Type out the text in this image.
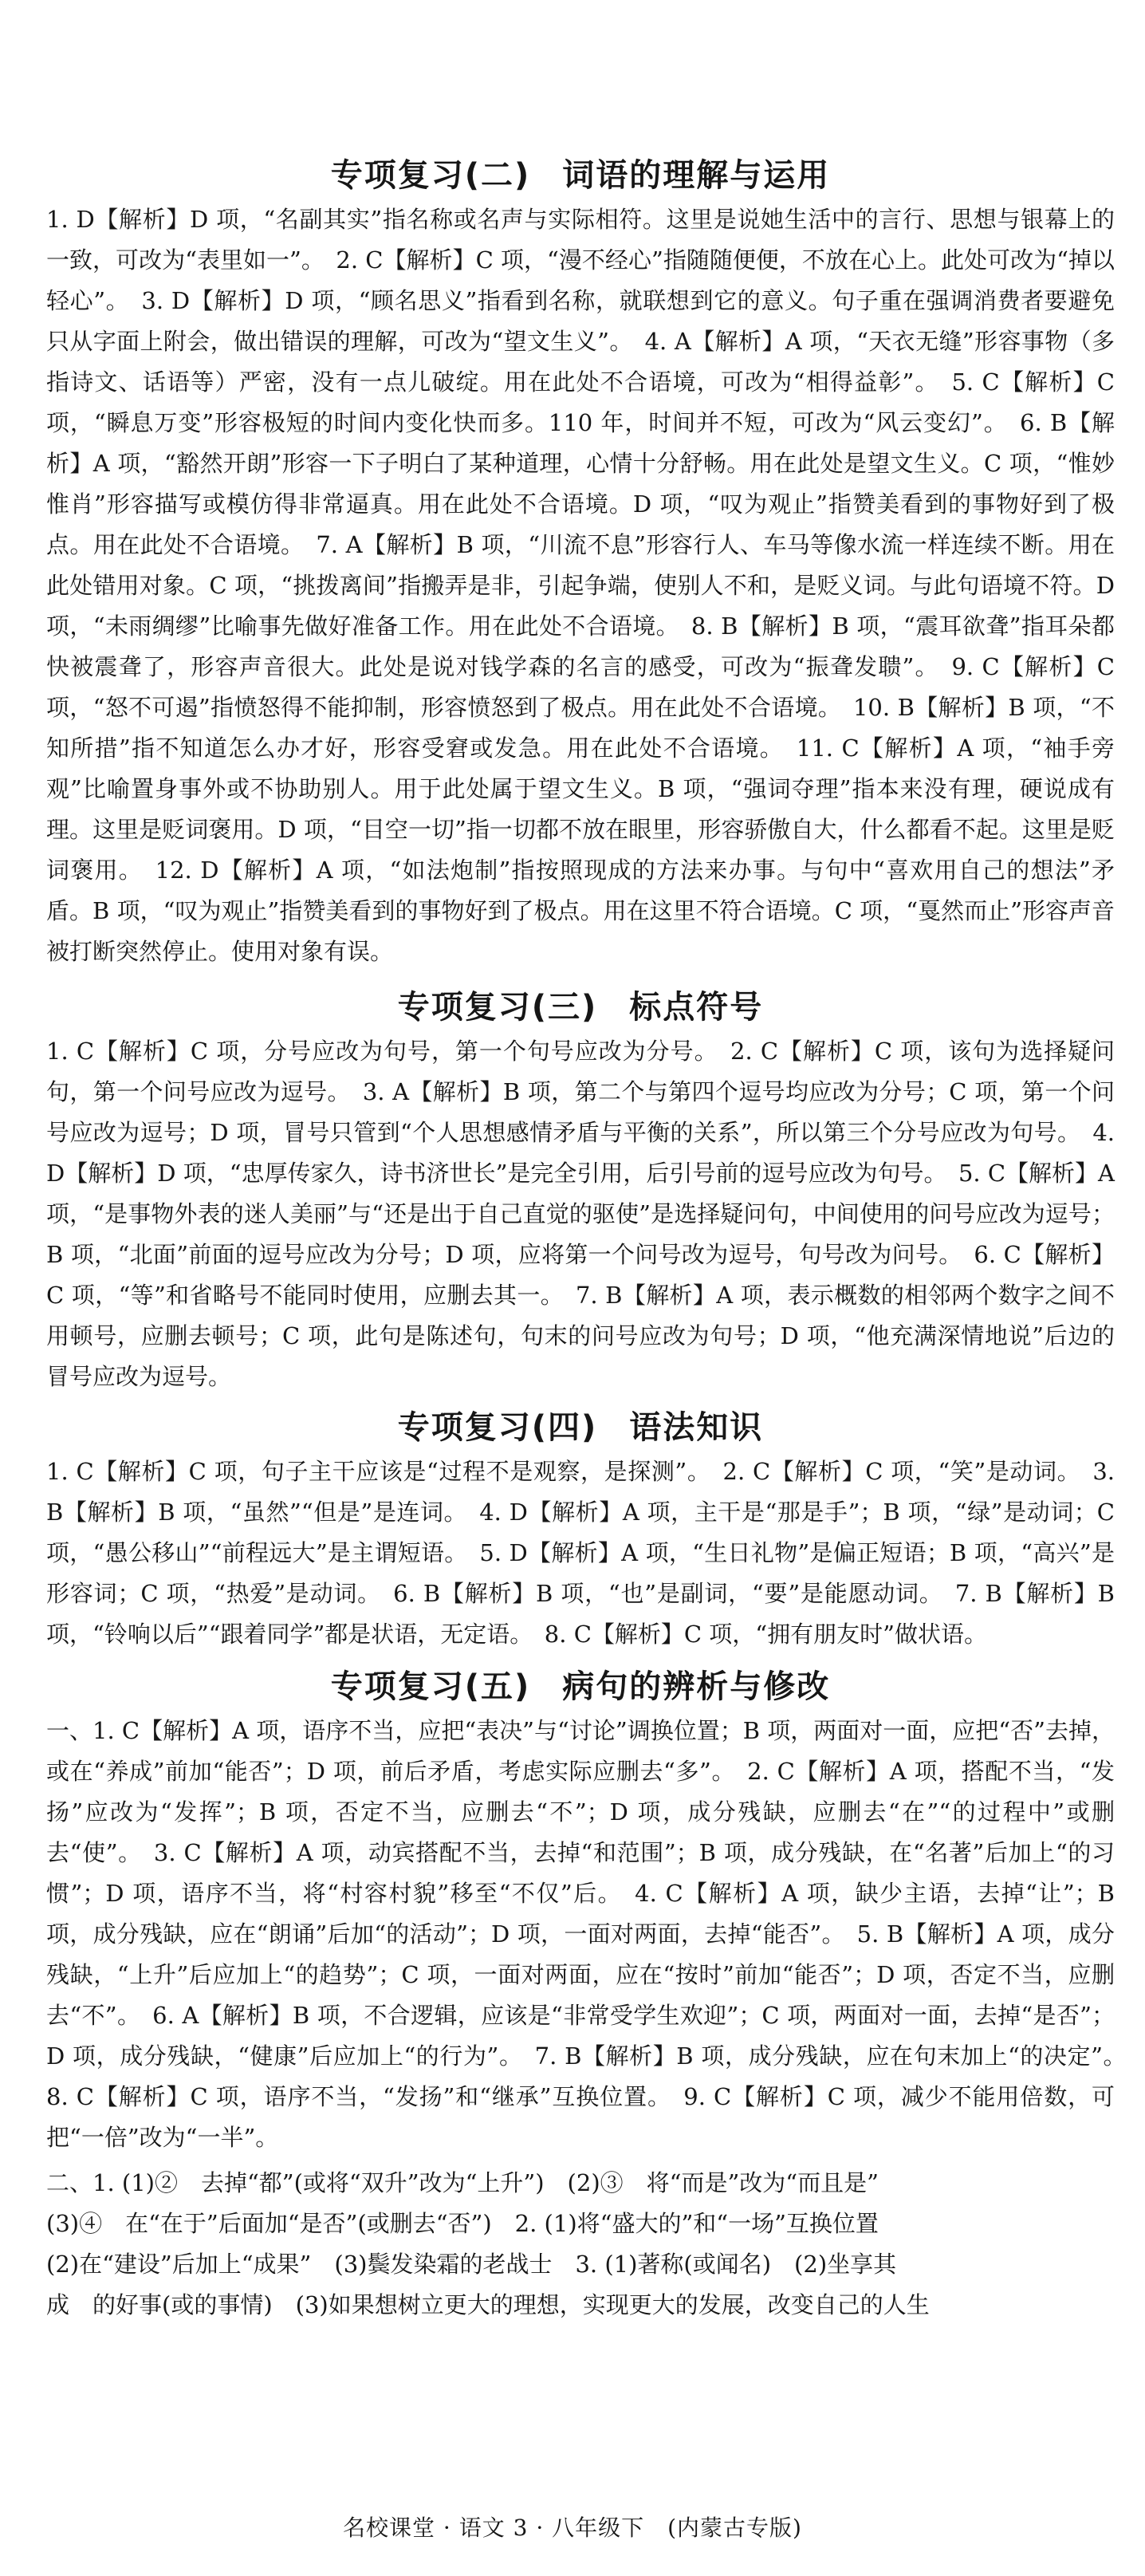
专项复习(二) 词语的理解与运用

1. D【解析】D 项，“名副其实”指名称或名声与实际相符。这里是说她生活中的言行、思想与银幕上的一致，可改为“表里如一”。　2. C【解析】C 项，“漫不经心”指随随便便，不放在心上。此处可改为“掉以轻心”。　3. D【解析】D 项，“顾名思义”指看到名称，就联想到它的意义。句子重在强调消费者要避免只从字面上附会，做出错误的理解，可改为“望文生义”。　4. A【解析】A 项，“天衣无缝”形容事物（多指诗文、话语等）严密，没有一点儿破绽。用在此处不合语境，可改为“相得益彰”。　5. C【解析】C 项，“瞬息万变”形容极短的时间内变化快而多。110 年，时间并不短，可改为“风云变幻”。　6. B【解析】A 项，“豁然开朗”形容一下子明白了某种道理，心情十分舒畅。用在此处是望文生义。C 项，“惟妙惟肖”形容描写或模仿得非常逼真。用在此处不合语境。D 项，“叹为观止”指赞美看到的事物好到了极点。用在此处不合语境。　7. A【解析】B 项，“川流不息”形容行人、车马等像水流一样连续不断。用在此处错用对象。C 项，“挑拨离间”指搬弄是非，引起争端，使别人不和，是贬义词。与此句语境不符。D 项，“未雨绸缪”比喻事先做好准备工作。用在此处不合语境。　8. B【解析】B 项，“震耳欲聋”指耳朵都快被震聋了，形容声音很大。此处是说对钱学森的名言的感受，可改为“振聋发聩”。　9. C【解析】C 项，“怒不可遏”指愤怒得不能抑制，形容愤怒到了极点。用在此处不合语境。　10. B【解析】B 项，“不知所措”指不知道怎么办才好，形容受窘或发急。用在此处不合语境。　11. C【解析】A 项，“袖手旁观”比喻置身事外或不协助别人。用于此处属于望文生义。B 项，“强词夺理”指本来没有理，硬说成有理。这里是贬词褒用。D 项，“目空一切”指一切都不放在眼里，形容骄傲自大，什么都看不起。这里是贬词褒用。　12. D【解析】A 项，“如法炮制”指按照现成的方法来办事。与句中“喜欢用自己的想法”矛盾。B 项，“叹为观止”指赞美看到的事物好到了极点。用在这里不符合语境。C 项，“戛然而止”形容声音被打断突然停止。使用对象有误。

专项复习(三) 标点符号

1. C【解析】C 项，分号应改为句号，第一个句号应改为分号。　2. C【解析】C 项，该句为选择疑问句，第一个问号应改为逗号。　3. A【解析】B 项，第二个与第四个逗号均应改为分号；C 项，第一个问号应改为逗号；D 项，冒号只管到“个人思想感情矛盾与平衡的关系”，所以第三个分号应改为句号。　4. D【解析】D 项，“忠厚传家久，诗书济世长”是完全引用，后引号前的逗号应改为句号。　5. C【解析】A 项，“是事物外表的迷人美丽”与“还是出于自己直觉的驱使”是选择疑问句，中间使用的问号应改为逗号；B 项，“北面”前面的逗号应改为分号；D 项，应将第一个问号改为逗号，句号改为问号。　6. C【解析】C 项，“等”和省略号不能同时使用，应删去其一。　7. B【解析】A 项，表示概数的相邻两个数字之间不用顿号，应删去顿号；C 项，此句是陈述句，句末的问号应改为句号；D 项，“他充满深情地说”后边的冒号应改为逗号。

专项复习(四) 语法知识

1. C【解析】C 项，句子主干应该是“过程不是观察，是探测”。　2. C【解析】C 项，“笑”是动词。　3. B【解析】B 项，“虽然”“但是”是连词。　4. D【解析】A 项，主干是“那是手”；B 项，“绿”是动词；C 项，“愚公移山”“前程远大”是主谓短语。　5. D【解析】A 项，“生日礼物”是偏正短语；B 项，“高兴”是形容词；C 项，“热爱”是动词。　6. B【解析】B 项，“也”是副词，“要”是能愿动词。　7. B【解析】B 项，“铃响以后”“跟着同学”都是状语，无定语。　8. C【解析】C 项，“拥有朋友时”做状语。

专项复习(五) 病句的辨析与修改

一、1. C【解析】A 项，语序不当，应把“表决”与“讨论”调换位置；B 项，两面对一面，应把“否”去掉，或在“养成”前加“能否”；D 项，前后矛盾，考虑实际应删去“多”。　2. C【解析】A 项，搭配不当，“发扬”应改为“发挥”；B 项，否定不当，应删去“不”；D 项，成分残缺，应删去“在”“的过程中”或删去“使”。　3. C【解析】A 项，动宾搭配不当，去掉“和范围”；B 项，成分残缺，在“名著”后加上“的习惯”；D 项，语序不当，将“村容村貌”移至“不仅”后。　4. C【解析】A 项，缺少主语，去掉“让”；B 项，成分残缺，应在“朗诵”后加“的活动”；D 项，一面对两面，去掉“能否”。　5. B【解析】A 项，成分残缺，“上升”后应加上“的趋势”；C 项，一面对两面，应在“按时”前加“能否”；D 项，否定不当，应删去“不”。　6. A【解析】B 项，不合逻辑，应该是“非常受学生欢迎”；C 项，两面对一面，去掉“是否”；D 项，成分残缺，“健康”后应加上“的行为”。　7. B【解析】B 项，成分残缺，应在句末加上“的决定”。　8. C【解析】C 项，语序不当，“发扬”和“继承”互换位置。　9. C【解析】C 项，减少不能用倍数，可把“一倍”改为“一半”。

二、1. (1)②　去掉“都”(或将“双升”改为“上升”)　(2)③　将“而是”改为“而且是”

(3)④　在“在于”后面加“是否”(或删去“否”)　2. (1)将“盛大的”和“一场”互换位置

(2)在“建设”后加上“成果”　(3)鬓发染霜的老战士　3. (1)著称(或闻名)　(2)坐享其

成　的好事(或的事情)　(3)如果想树立更大的理想，实现更大的发展，改变自己的人生

名校课堂 · 语文 3 · 八年级下　(内蒙古专版)
